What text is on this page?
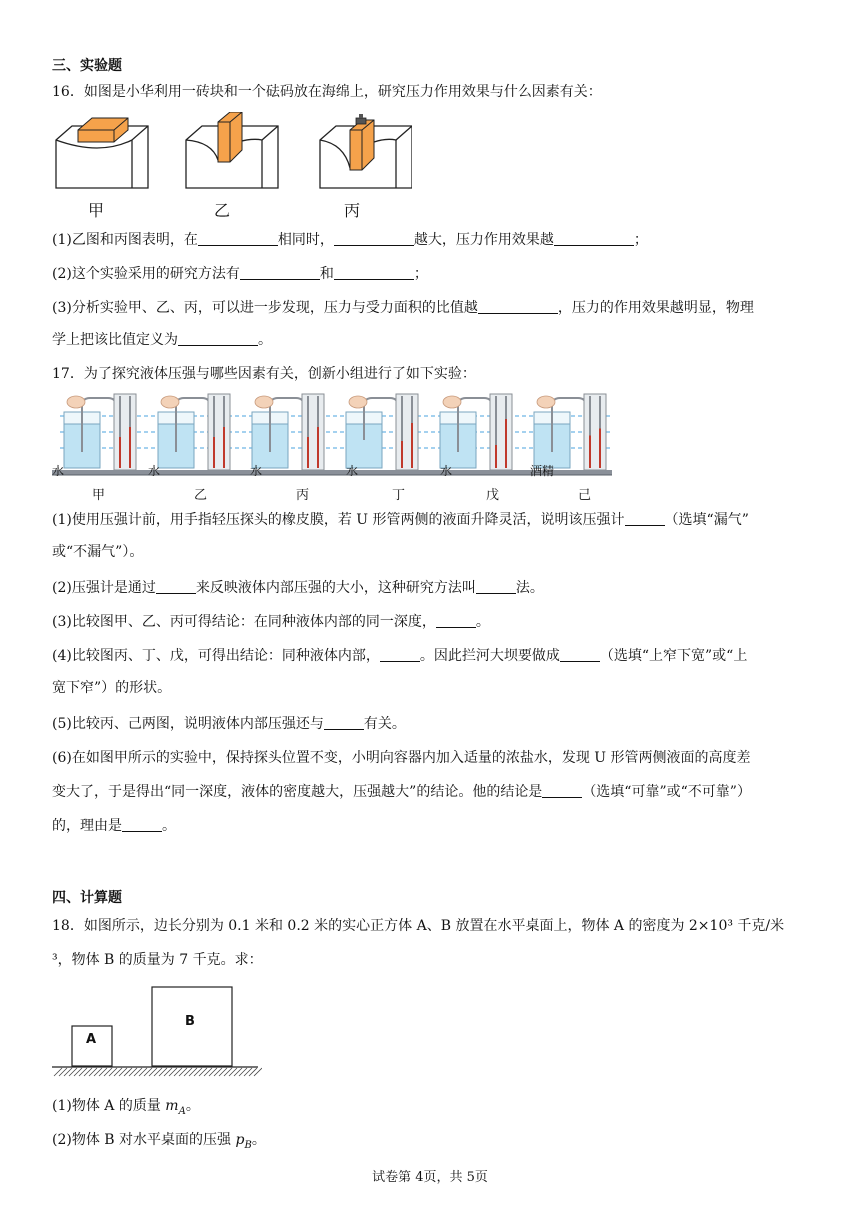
三、实验题
16．如图是小华利用一砖块和一个砝码放在海绵上，研究压力作用效果与什么因素有关：
甲	乙	丙
(1)乙图和丙图表明，在	相同时，	越大，压力作用效果越	；
(2)这个实验采用的研究方法有	和	；
(3)分析实验甲、乙、丙，可以进一步发现，压力与受力面积的比值越	，压力的作用效果越明显，物理
学上把该比值定义为	。
17．为了探究液体压强与哪些因素有关，创新小组进行了如下实验：
水	水	水	水	水	酒精
甲	乙	丙	丁	戊	己
(1)使用压强计前，用手指轻压探头的橡皮膜，若 U 形管两侧的液面升降灵活，说明该压强计	（选填“漏气”
或“不漏气”）。
(2)压强计是通过	来反映液体内部压强的大小，这种研究方法叫	法。
(3)比较图甲、乙、丙可得结论：在同种液体内部的同一深度，	。
(4)比较图丙、丁、戊，可得出结论：同种液体内部，	。因此拦河大坝要做成	（选填“上窄下宽”或“上
宽下窄”）的形状。
(5)比较丙、己两图，说明液体内部压强还与	有关。
(6)在如图甲所示的实验中，保持探头位置不变，小明向容器内加入适量的浓盐水，发现 U 形管两侧液面的高度差
变大了，于是得出“同一深度，液体的密度越大，压强越大”的结论。他的结论是	（选填“可靠”或“不可靠”）
的，理由是	。
四、计算题
18．如图所示，边长分别为 0.1 米和 0.2 米的实心正方体 A、B 放置在水平桌面上，物体 A 的密度为 2×10³ 千克/米
³，物体 B 的质量为 7 千克。求：
A
B
(1)物体 A 的质量 $m_A$。
(2)物体 B 对水平桌面的压强 $p_B$。
试卷第 4页，共 5页
